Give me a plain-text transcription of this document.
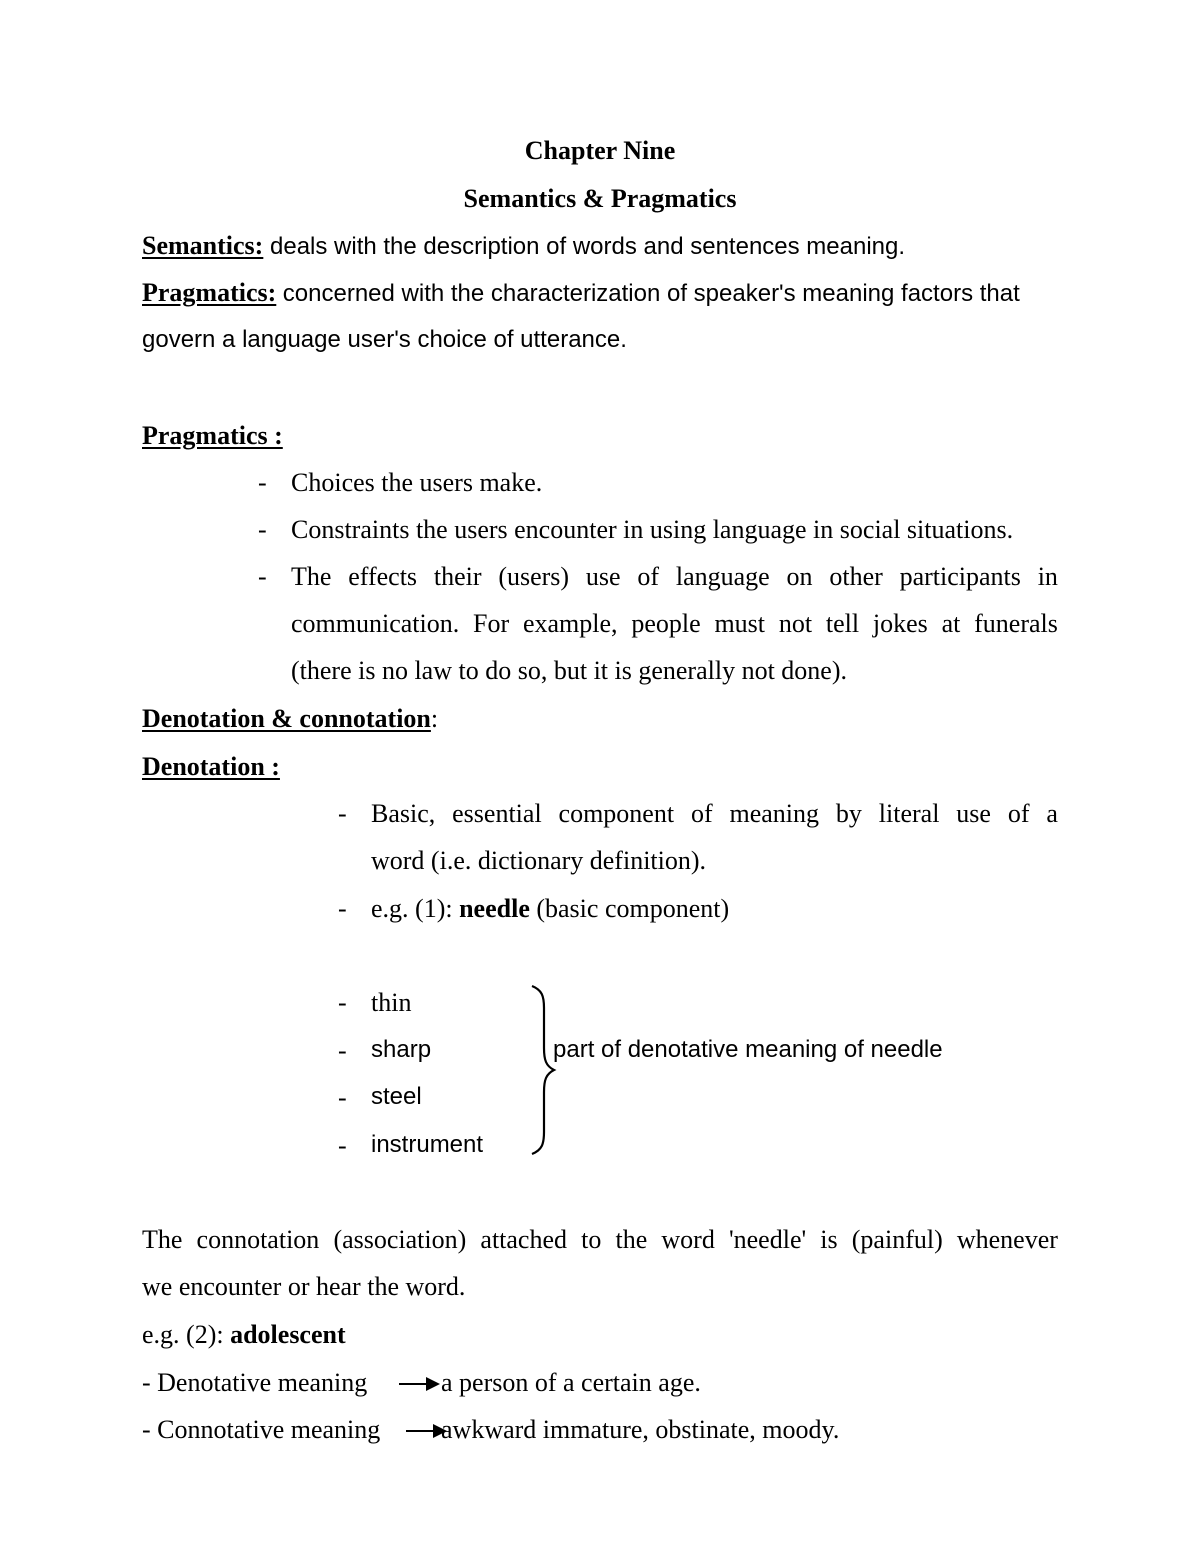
Chapter Nine
Semantics & Pragmatics
Semantics: deals with the description of words and sentences meaning.
Pragmatics: concerned with the characterization of speaker's meaning factors that
govern a language user's choice of utterance.
Pragmatics :
- Choices the users make.
- Constraints the users encounter in using language in social situations.
- The effects their (users) use of language on other participants in
communication. For example, people must not tell jokes at funerals
(there is no law to do so, but it is generally not done).
Denotation & connotation:
Denotation :
- Basic, essential component of meaning by literal use of a
word (i.e. dictionary definition).
- e.g. (1): needle (basic component)
- thin
- sharp
- steel
- instrument
part of denotative meaning of needle
The connotation (association) attached to the word 'needle' is (painful) whenever
we encounter or hear the word.
e.g. (2): adolescent
- Denotative meaning	a person of a certain age.
- Connotative meaning awkward immature, obstinate, moody.
